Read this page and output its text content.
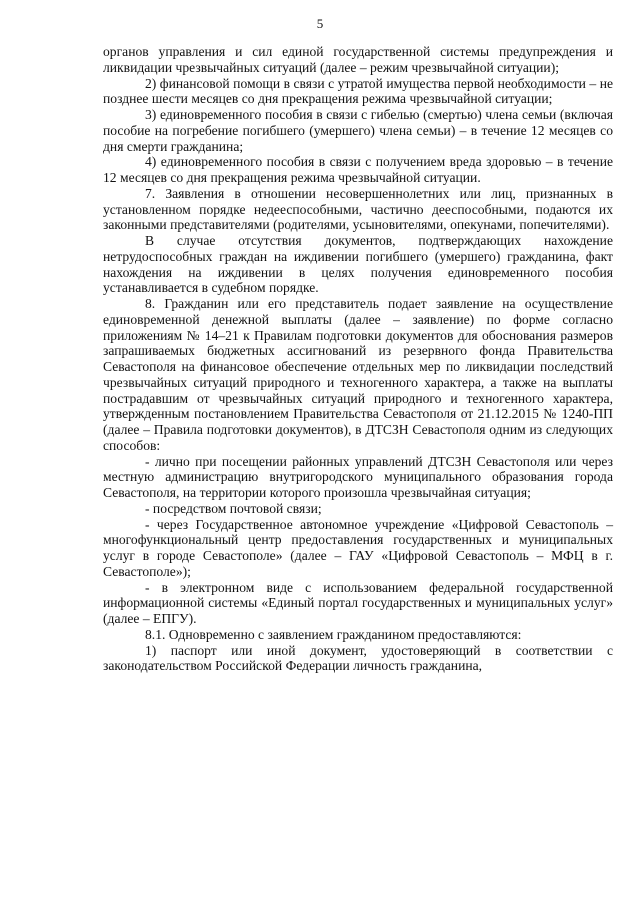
5

органов управления и сил единой государственной системы предупреждения и ликвидации чрезвычайных ситуаций (далее – режим чрезвычайной ситуации);

2) финансовой помощи в связи с утратой имущества первой необходимости – не позднее шести месяцев со дня прекращения режима чрезвычайной ситуации;

3) единовременного пособия в связи с гибелью (смертью) члена семьи (включая пособие на погребение погибшего (умершего) члена семьи) – в течение 12 месяцев со дня смерти гражданина;

4) единовременного пособия в связи с получением вреда здоровью – в течение 12 месяцев со дня прекращения режима чрезвычайной ситуации.

7. Заявления в отношении несовершеннолетних или лиц, признанных в установленном порядке недееспособными, частично дееспособными, подаются их законными представителями (родителями, усыновителями, опекунами, попечителями).

В случае отсутствия документов, подтверждающих нахождение нетрудоспособных граждан на иждивении погибшего (умершего) гражданина, факт нахождения на иждивении в целях получения единовременного пособия устанавливается в судебном порядке.

8. Гражданин или его представитель подает заявление на осуществление единовременной денежной выплаты (далее – заявление) по форме согласно приложениям № 14–21 к Правилам подготовки документов для обоснования размеров запрашиваемых бюджетных ассигнований из резервного фонда Правительства Севастополя на финансовое обеспечение отдельных мер по ликвидации последствий чрезвычайных ситуаций природного и техногенного характера, а также на выплаты пострадавшим от чрезвычайных ситуаций природного и техногенного характера, утвержденным постановлением Правительства Севастополя от 21.12.2015 № 1240-ПП (далее – Правила подготовки документов), в ДТСЗН Севастополя одним из следующих способов:

- лично при посещении районных управлений ДТСЗН Севастополя или через местную администрацию внутригородского муниципального образования города Севастополя, на территории которого произошла чрезвычайная ситуация;

- посредством почтовой связи;

- через Государственное автономное учреждение «Цифровой Севастополь – многофункциональный центр предоставления государственных и муниципальных услуг в городе Севастополе» (далее – ГАУ «Цифровой Севастополь – МФЦ в г. Севастополе»);

- в электронном виде с использованием федеральной государственной информационной системы «Единый портал государственных и муниципальных услуг» (далее – ЕПГУ).

8.1. Одновременно с заявлением гражданином предоставляются:

1) паспорт или иной документ, удостоверяющий в соответствии с законодательством Российской Федерации личность гражданина,
